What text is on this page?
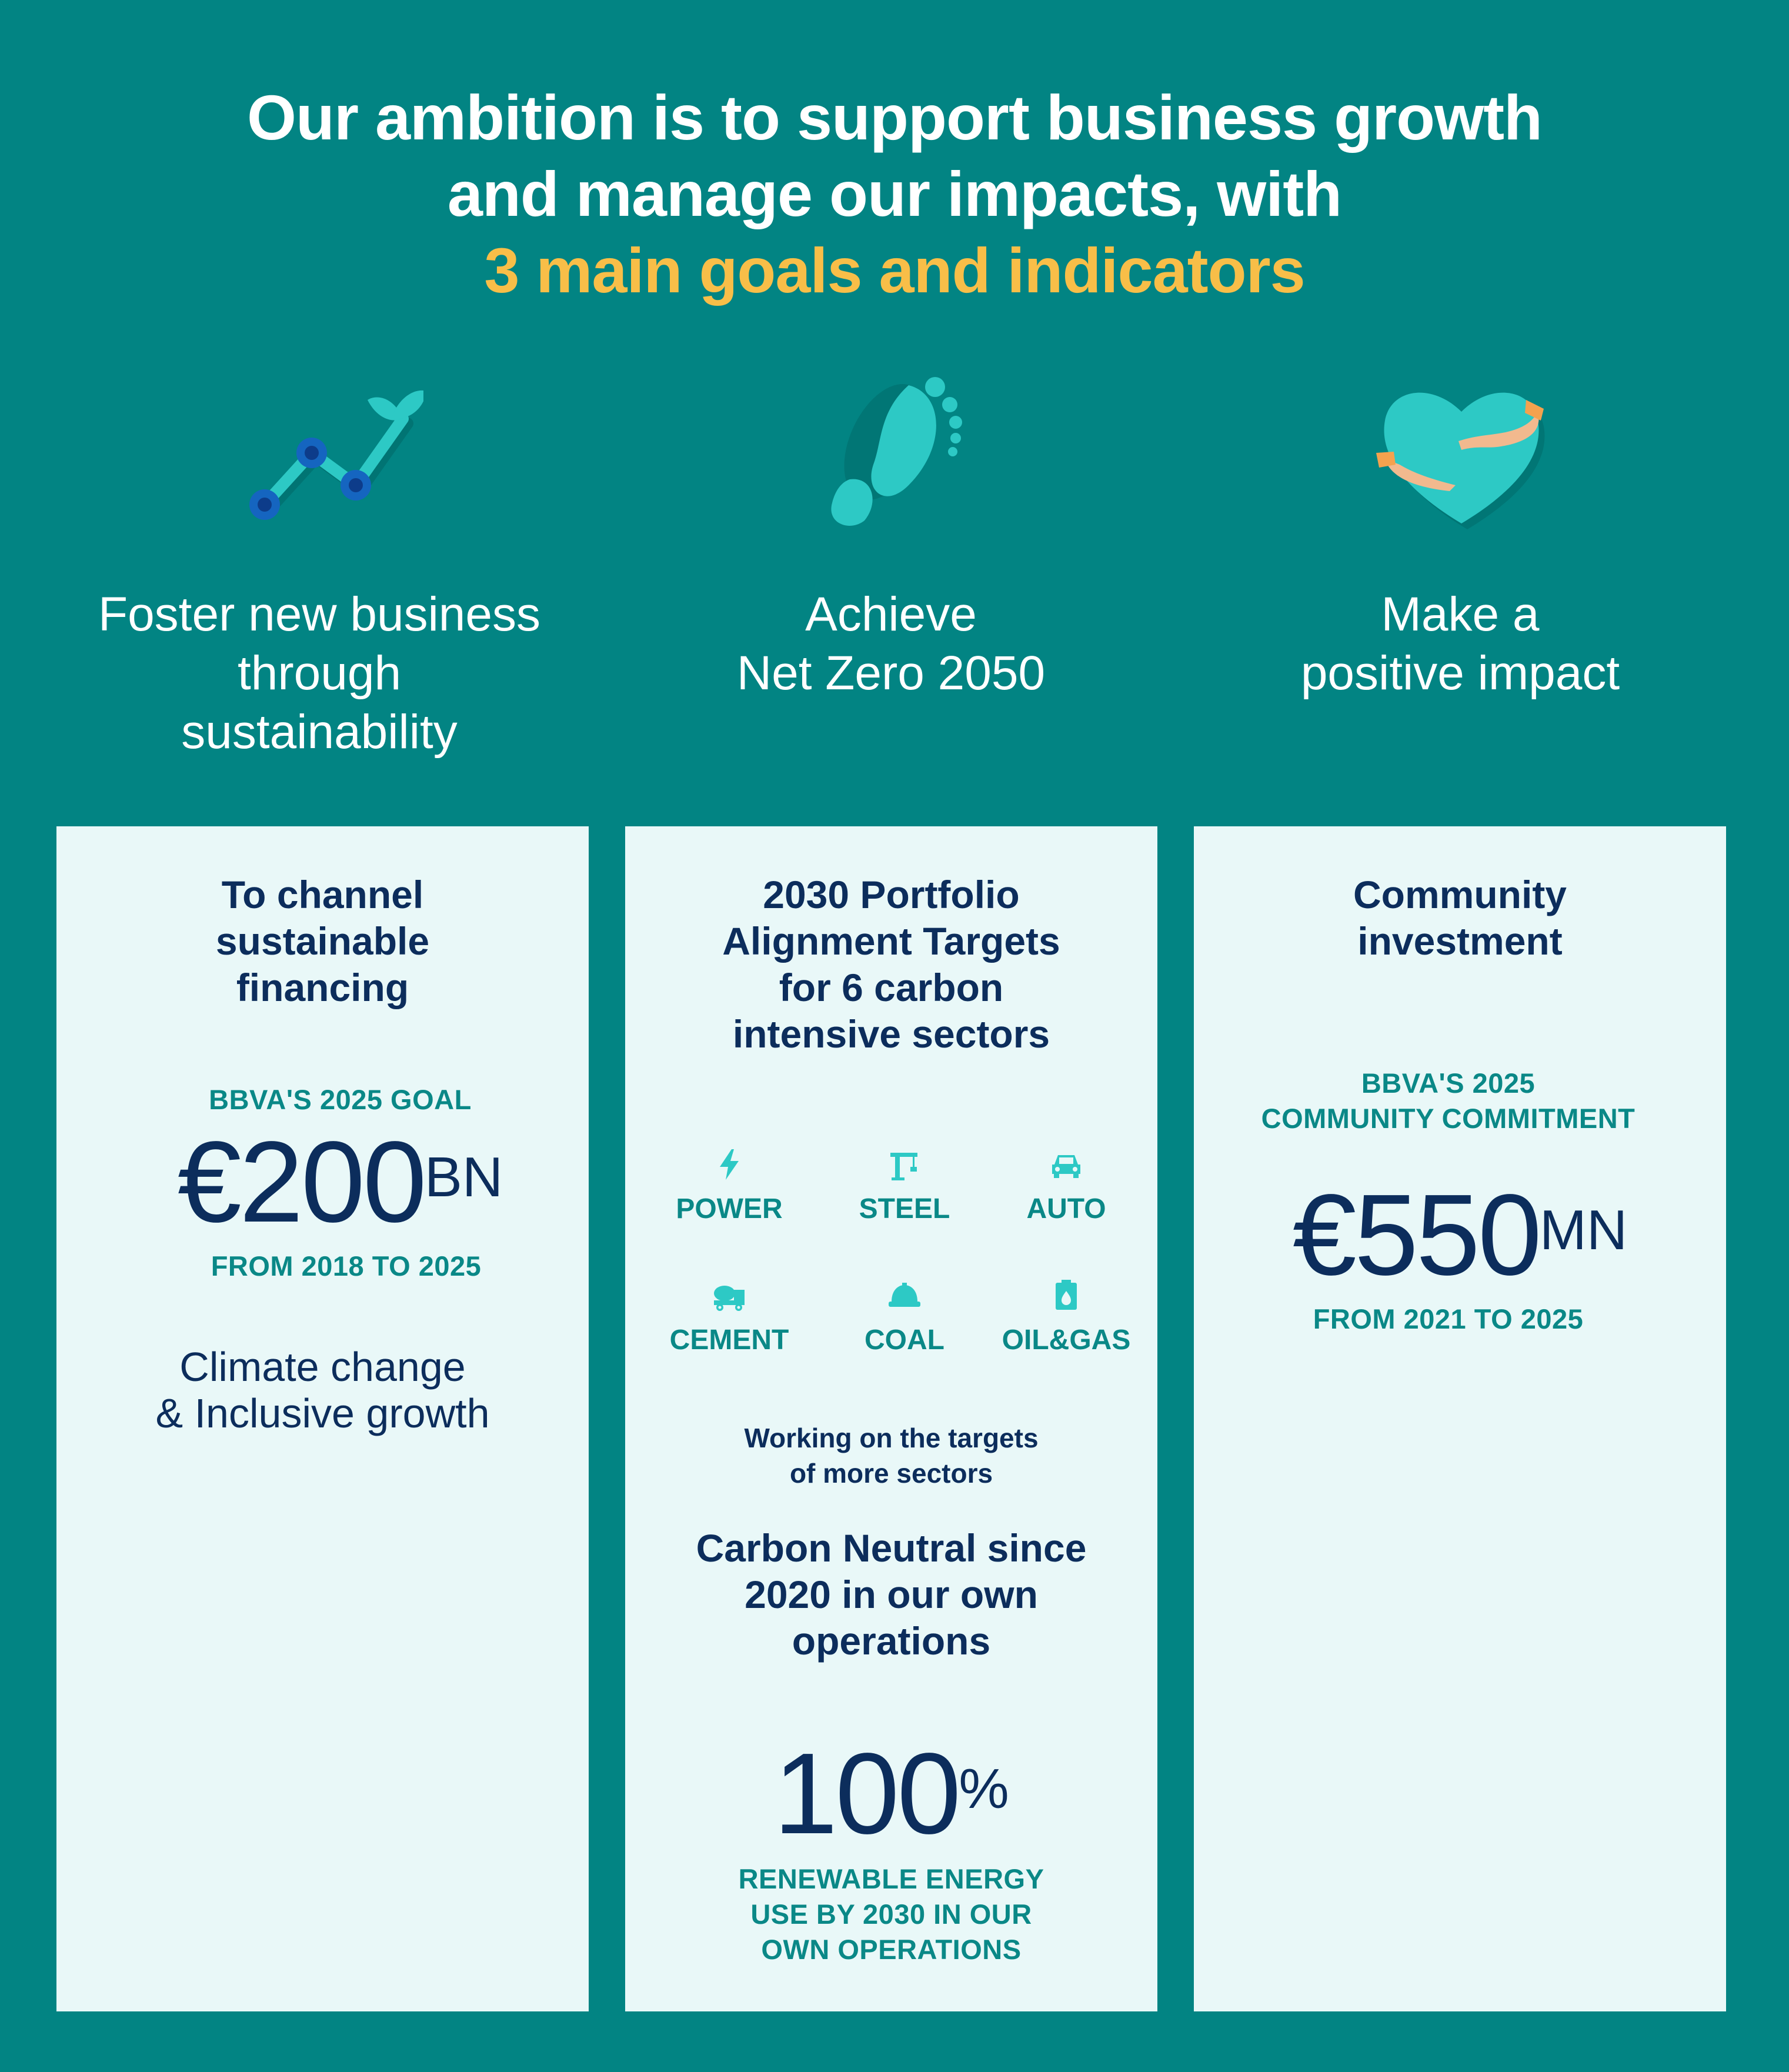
Our ambition is to support business growth
and manage our impacts, with
3 main goals and indicators
Foster new business
through
sustainability
Achieve
Net Zero 2050
Make a
positive impact
To channel
sustainable
financing
BBVA'S 2025 GOAL
$€200^{BN}$
FROM 2018 TO 2025
Climate change
& Inclusive growth
2030 Portfolio
Alignment Targets
for 6 carbon
intensive sectors
POWER	STEEL	AUTO
CEMENT	COAL	OIL&GAS
Working on the targets
of more sectors
Carbon Neutral since
2020 in our own
operations
100%
RENEWABLE ENERGY
USE BY 2030 IN OUR
OWN OPERATIONS
Community
investment
BBVA'S 2025
COMMUNITY COMMITMENT
$€550^{MN}$
FROM 2021 TO 2025
